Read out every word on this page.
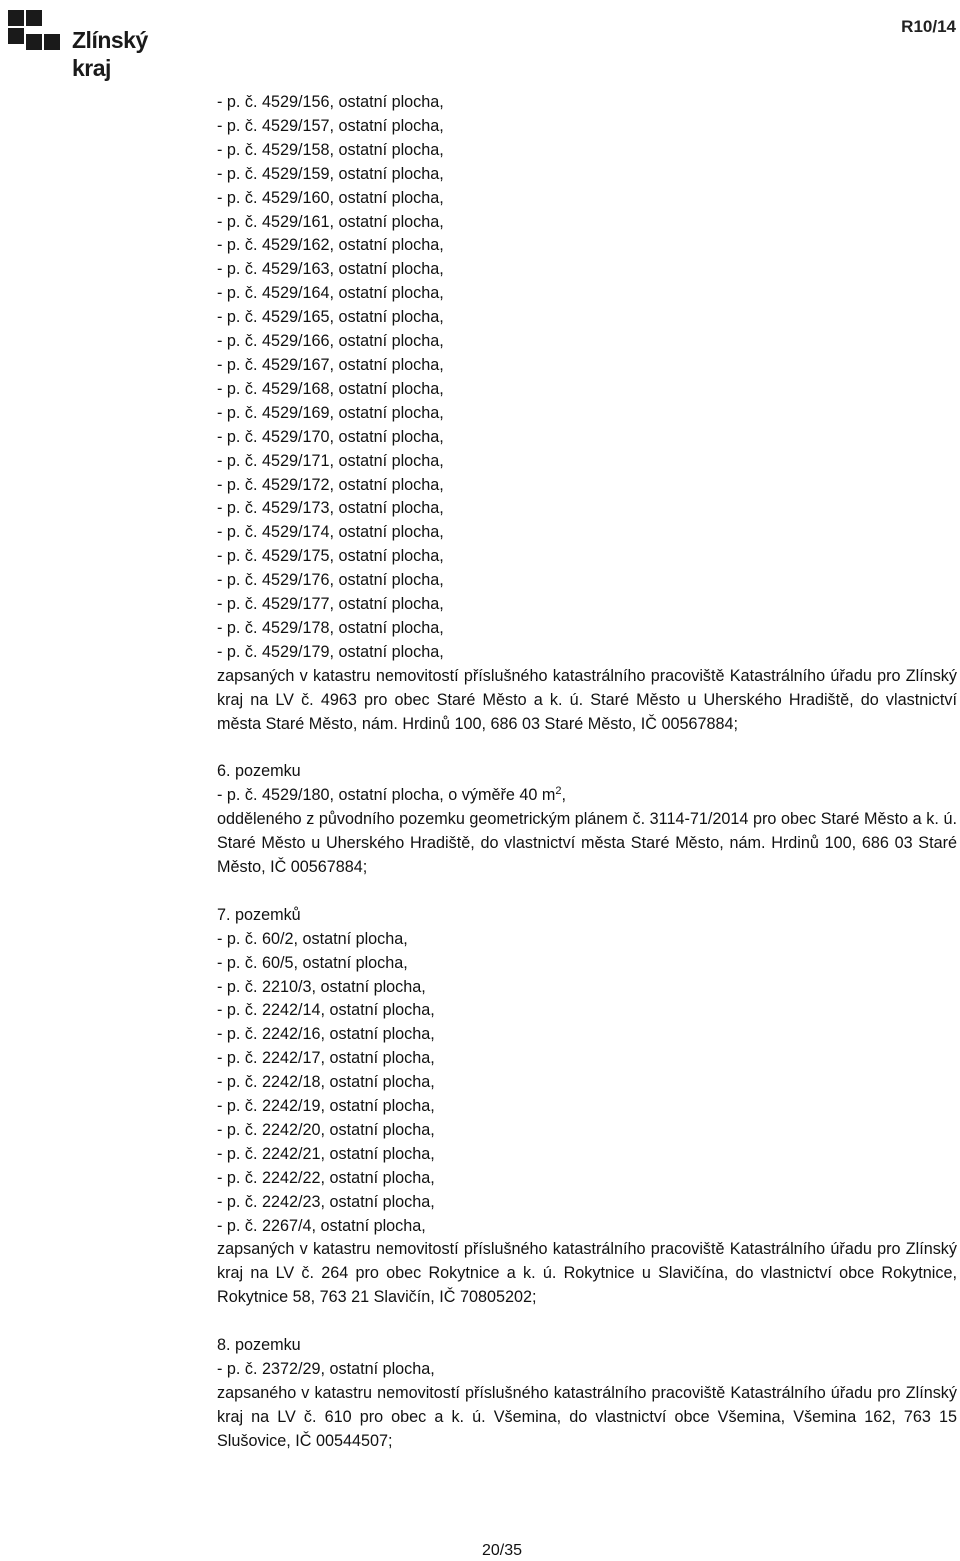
Zlínský kraj
R10/14
- p. č. 4529/156, ostatní plocha,
- p. č. 4529/157, ostatní plocha,
- p. č. 4529/158, ostatní plocha,
- p. č. 4529/159, ostatní plocha,
- p. č. 4529/160, ostatní plocha,
- p. č. 4529/161, ostatní plocha,
- p. č. 4529/162, ostatní plocha,
- p. č. 4529/163, ostatní plocha,
- p. č. 4529/164, ostatní plocha,
- p. č. 4529/165, ostatní plocha,
- p. č. 4529/166, ostatní plocha,
- p. č. 4529/167, ostatní plocha,
- p. č. 4529/168, ostatní plocha,
- p. č. 4529/169, ostatní plocha,
- p. č. 4529/170, ostatní plocha,
- p. č. 4529/171, ostatní plocha,
- p. č. 4529/172, ostatní plocha,
- p. č. 4529/173, ostatní plocha,
- p. č. 4529/174, ostatní plocha,
- p. č. 4529/175, ostatní plocha,
- p. č. 4529/176, ostatní plocha,
- p. č. 4529/177, ostatní plocha,
- p. č. 4529/178, ostatní plocha,
- p. č. 4529/179, ostatní plocha,
zapsaných v katastru nemovitostí příslušného katastrálního pracoviště Katastrálního úřadu pro Zlínský kraj na LV č. 4963 pro obec Staré Město a k. ú. Staré Město u Uherského Hradiště, do vlastnictví města Staré Město, nám. Hrdinů 100, 686 03 Staré Město, IČ 00567884;
6. pozemku
- p. č. 4529/180, ostatní plocha, o výměře 40 $m^2$,
odděleného z původního pozemku geometrickým plánem č. 3114-71/2014 pro obec Staré Město a k. ú. Staré Město u Uherského Hradiště, do vlastnictví města Staré Město, nám. Hrdinů 100, 686 03 Staré Město, IČ 00567884;
7. pozemků
- p. č. 60/2, ostatní plocha,
- p. č. 60/5, ostatní plocha,
- p. č. 2210/3, ostatní plocha,
- p. č. 2242/14, ostatní plocha,
- p. č. 2242/16, ostatní plocha,
- p. č. 2242/17, ostatní plocha,
- p. č. 2242/18, ostatní plocha,
- p. č. 2242/19, ostatní plocha,
- p. č. 2242/20, ostatní plocha,
- p. č. 2242/21, ostatní plocha,
- p. č. 2242/22, ostatní plocha,
- p. č. 2242/23, ostatní plocha,
- p. č. 2267/4, ostatní plocha,
zapsaných v katastru nemovitostí příslušného katastrálního pracoviště Katastrálního úřadu pro Zlínský kraj na LV č. 264 pro obec Rokytnice a k. ú. Rokytnice u Slavičína, do vlastnictví obce Rokytnice, Rokytnice 58, 763 21 Slavičín, IČ 70805202;
8. pozemku
- p. č. 2372/29, ostatní plocha,
zapsaného v katastru nemovitostí příslušného katastrálního pracoviště Katastrálního úřadu pro Zlínský kraj na LV č. 610 pro obec a k. ú. Všemina, do vlastnictví obce Všemina, Všemina 162, 763 15 Slušovice, IČ 00544507;
20/35
